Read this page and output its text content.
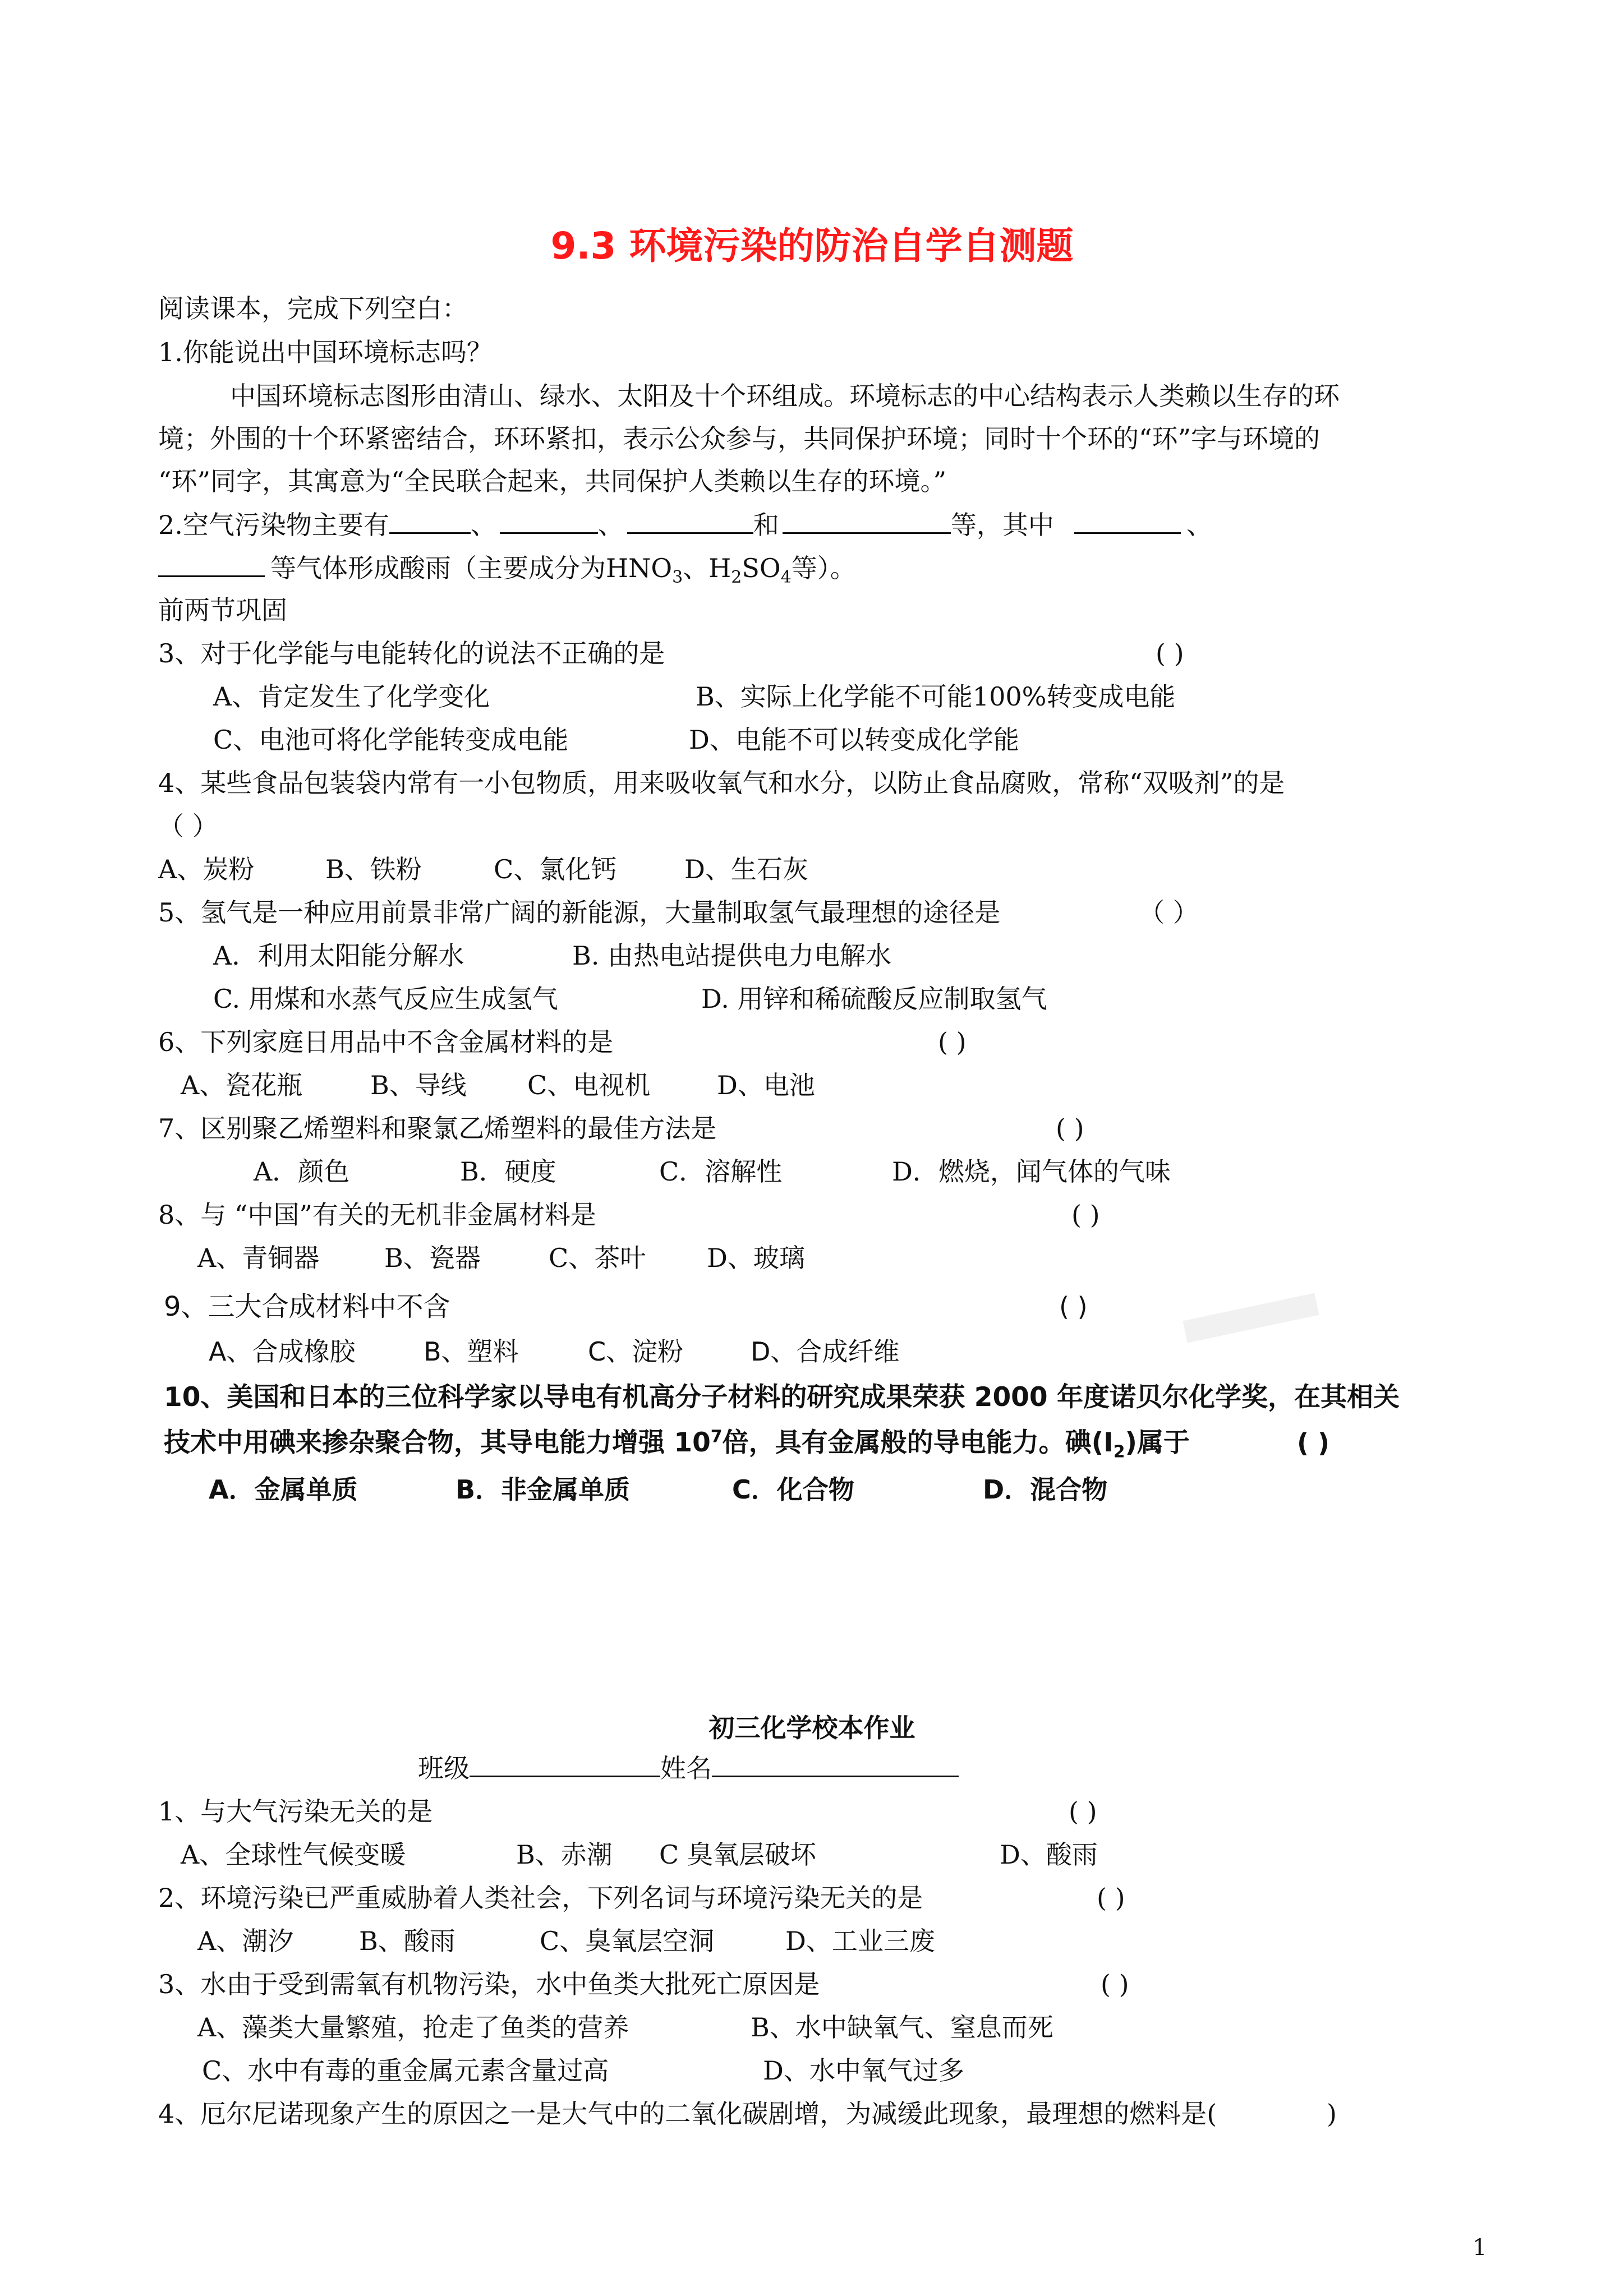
9.3 环境污染的防治自学自测题
阅读课本，完成下列空白：
1.你能说出中国环境标志吗？
中国环境标志图形由清山、绿水、太阳及十个环组成。环境标志的中心结构表示人类赖以生存的环
境；外围的十个环紧密结合，环环紧扣，表示公众参与，共同保护环境；同时十个环的“环”字与环境的
“环”同字，其寓意为“全民联合起来，共同保护人类赖以生存的环境。”
2.空气污染物主要有	、	、	和	等，其中	、
等气体形成酸雨（主要成分为$HNO_3$、$H_2SO_4$等）。
前两节巩固
3、对于化学能与电能转化的说法不正确的是	( )
A、肯定发生了化学变化	B、实际上化学能不可能100%转变成电能
C、电池可将化学能转变成电能	D、电能不可以转变成化学能
4、某些食品包装袋内常有一小包物质，用来吸收氧气和水分，以防止食品腐败，常称“双吸剂”的是
（ ）
A、炭粉	B、铁粉	C、氯化钙	D、生石灰
5、氢气是一种应用前景非常广阔的新能源，大量制取氢气最理想的途径是	（ ）
A．利用太阳能分解水	B. 由热电站提供电力电解水
C. 用煤和水蒸气反应生成氢气	D. 用锌和稀硫酸反应制取氢气
6、下列家庭日用品中不含金属材料的是	( )
A、瓷花瓶	B、导线 C、电视机	D、电池
7、区别聚乙烯塑料和聚氯乙烯塑料的最佳方法是	( )
A．颜色	B．硬度	C．溶解性	D．燃烧，闻气体的气味
8、与 “中国”有关的无机非金属材料是	( )
A、青铜器	B、瓷器	C、茶叶 D、玻璃
9、三大合成材料中不含	( )
A、合成橡胶	B、塑料	C、淀粉	D、合成纤维
10、美国和日本的三位科学家以导电有机高分子材料的研究成果荣获 2000 年度诺贝尔化学奖，在其相关
技术中用碘来掺杂聚合物，其导电能力增强 $10^7$倍，具有金属般的导电能力。碘$(I_2)$属于	( )
A．金属单质	B．非金属单质	C．化合物	D．混合物
初三化学校本作业
班级	姓名
1、与大气污染无关的是	( )
A、全球性气候变暖	B、赤潮 C 臭氧层破坏	D、酸雨
2、环境污染已严重威胁着人类社会，下列名词与环境污染无关的是	( )
A、潮汐	B、酸雨	C、臭氧层空洞	D、工业三废
3、水由于受到需氧有机物污染，水中鱼类大批死亡原因是	( )
A、藻类大量繁殖，抢走了鱼类的营养	B、水中缺氧气、窒息而死
C、水中有毒的重金属元素含量过高	D、水中氧气过多
4、厄尔尼诺现象产生的原因之一是大气中的二氧化碳剧增，为减缓此现象，最理想的燃料是(	)
1
